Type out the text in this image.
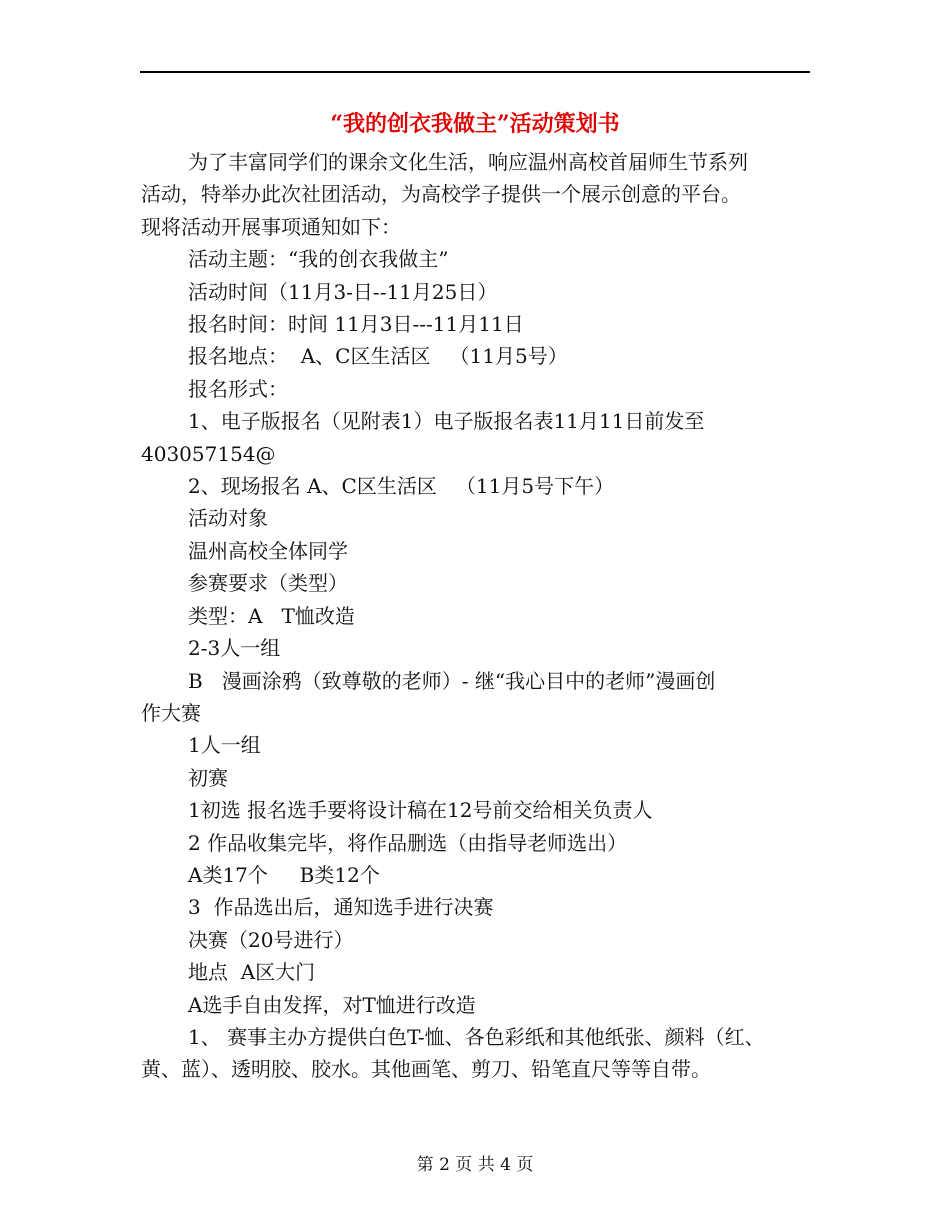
“我的创衣我做主”活动策划书

为了丰富同学们的课余文化生活，响应温州高校首届师生节系列

活动，特举办此次社团活动，为高校学子提供一个展示创意的平台。

现将活动开展事项通知如下：

活动主题：“我的创衣我做主”

活动时间（11月3-日--11月25日）

报名时间：时间 11月3日---11月11日

报名地点：  A、C区生活区   （11月5号）

报名形式：

1、电子版报名（见附表1）电子版报名表11月11日前发至

403057154@

2、现场报名 A、C区生活区   （11月5号下午）

活动对象

温州高校全体同学

参赛要求（类型）

类型：A   T恤改造

2-3人一组

B   漫画涂鸦（致尊敬的老师）- 继“我心目中的老师”漫画创

作大赛

1人一组

初赛

1初选 报名选手要将设计稿在12号前交给相关负责人

2 作品收集完毕，将作品删选（由指导老师选出）

A类17个     B类12个

3  作品选出后，通知选手进行决赛

决赛（20号进行）

地点  A区大门

A选手自由发挥，对T恤进行改造

1、 赛事主办方提供白色T-恤、各色彩纸和其他纸张、颜料（红、

黄、蓝）、透明胶、胶水。其他画笔、剪刀、铅笔直尺等等自带。

第 2 页 共 4 页
